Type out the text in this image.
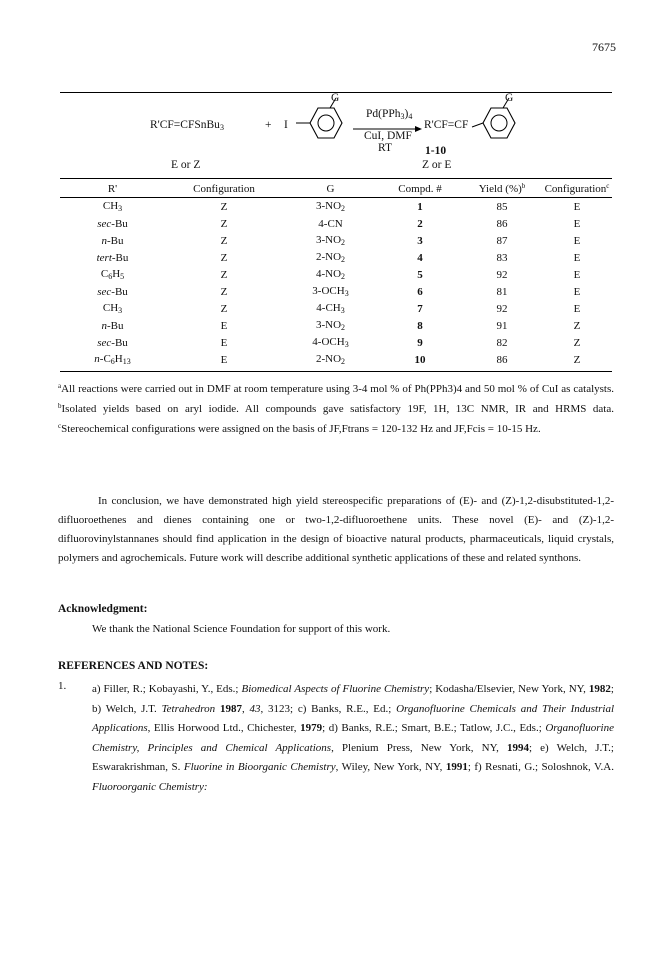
7675
R'CF=CFSnBu$_3$	+ I
G
$Pd(PPh_3)_4$
CuI, DMF
RT
R'CF=CF
G
1-10
E or Z	Z or E
R'	Configuration	G	Compd. #	Yield (%)$^b$	Configuration$^c$
$CH_3$	Z	$3-NO_2$	1	85	E
sec-Bu	Z	4-CN	2	86	E
n-Bu	Z	$3-NO_2$	3	87	E
tert-Bu	Z	$2-NO_2$	4	83	E
$C_6H_5$	Z	$4-NO_2$	5	92	E
sec-Bu	Z	$3-OCH_3$	6	81	E
$CH_3$	Z	$4-CH_3$	7	92	E
n-Bu	E	$3-NO_2$	8	91	Z
sec-Bu	E	$4-OCH_3$	9	82	Z
$n-C_6H_{13}$	E	$2-NO_2$	10	86	Z
$^a$All reactions were carried out in DMF at room temperature using 3-4 mol % of Ph(PPh3)4 and 50 mol % of CuI as catalysts. $^b$Isolated yields based on aryl iodide. All compounds gave satisfactory 19F, 1H, 13C NMR, IR and HRMS data. $^c$Stereochemical configurations were assigned on the basis of JF,Ftrans = 120-132 Hz and JF,Fcis = 10-15 Hz.
In conclusion, we have demonstrated high yield stereospecific preparations of (E)- and (Z)-1,2-disubstituted-1,2-difluoroethenes and dienes containing one or two-1,2-difluoroethene units. These novel (E)- and (Z)-1,2-difluorovinylstannanes should find application in the design of bioactive natural products, pharmaceuticals, liquid crystals, polymers and agrochemicals. Future work will describe additional synthetic applications of these and related synthons.
Acknowledgment:
We thank the National Science Foundation for support of this work.
REFERENCES AND NOTES:
1. a) Filler, R.; Kobayashi, Y., Eds.; Biomedical Aspects of Fluorine Chemistry; Kodasha/Elsevier, New York, NY, 1982; b) Welch, J.T. Tetrahedron 1987, 43, 3123; c) Banks, R.E., Ed.; Organofluorine Chemicals and Their Industrial Applications, Ellis Horwood Ltd., Chichester, 1979; d) Banks, R.E.; Smart, B.E.; Tatlow, J.C., Eds.; Organofluorine Chemistry, Principles and Chemical Applications, Plenium Press, New York, NY, 1994; e) Welch, J.T.; Eswarakrishman, S. Fluorine in Bioorganic Chemistry, Wiley, New York, NY, 1991; f) Resnati, G.; Soloshnok, V.A. Fluoroorganic Chemistry:
